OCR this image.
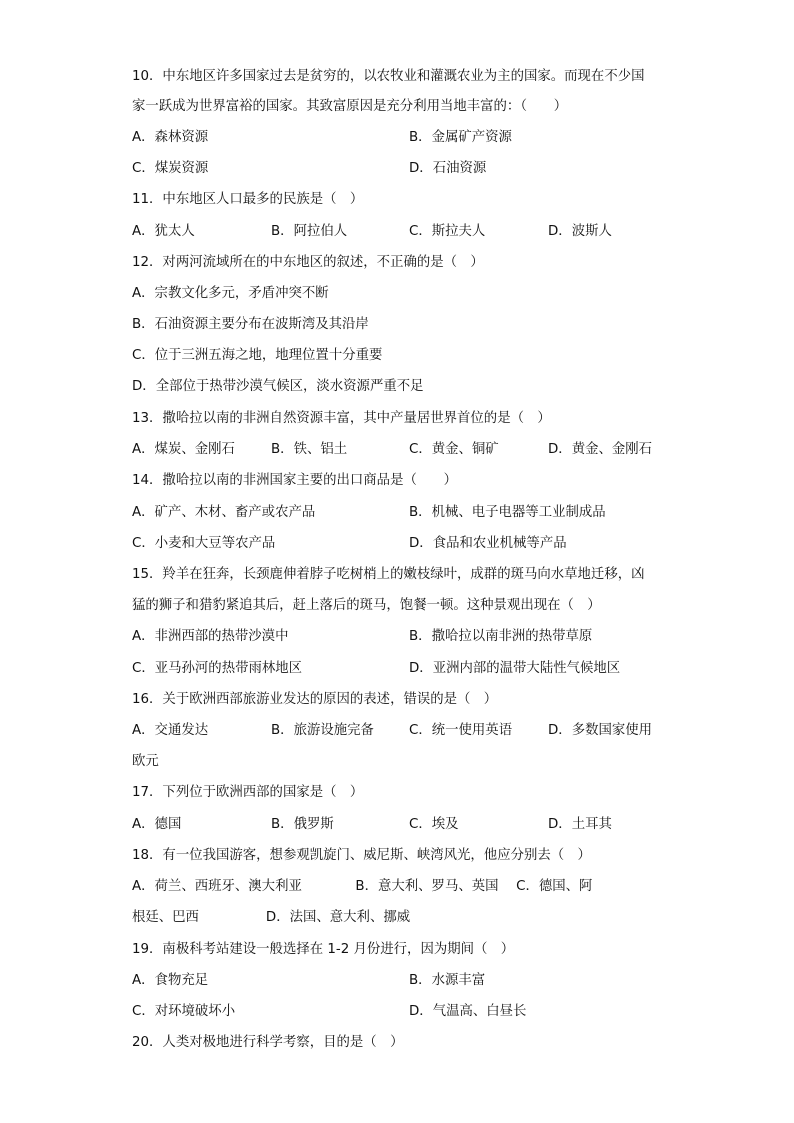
10．中东地区许多国家过去是贫穷的，以农牧业和灌溉农业为主的国家。而现在不少国
家一跃成为世界富裕的国家。其致富原因是充分利用当地丰富的：（　　）
A．森林资源	B．金属矿产资源
C．煤炭资源	D．石油资源
11．中东地区人口最多的民族是（　）
A．犹太人	B．阿拉伯人	C．斯拉夫人	D．波斯人
12．对两河流域所在的中东地区的叙述，不正确的是（　）
A．宗教文化多元，矛盾冲突不断
B．石油资源主要分布在波斯湾及其沿岸
C．位于三洲五海之地，地理位置十分重要
D．全部位于热带沙漠气候区，淡水资源严重不足
13．撒哈拉以南的非洲自然资源丰富，其中产量居世界首位的是（　）
A．煤炭、金刚石	B．铁、铝土	C．黄金、铜矿	D．黄金、金刚石
14．撒哈拉以南的非洲国家主要的出口商品是（　　）
A．矿产、木材、畜产或农产品	B．机械、电子电器等工业制成品
C．小麦和大豆等农产品	D．食品和农业机械等产品
15．羚羊在狂奔，长颈鹿伸着脖子吃树梢上的嫩枝绿叶，成群的斑马向水草地迁移，凶
猛的狮子和猎豹紧追其后，赶上落后的斑马，饱餐一顿。这种景观出现在（　）
A．非洲西部的热带沙漠中	B．撒哈拉以南非洲的热带草原
C．亚马孙河的热带雨林地区	D．亚洲内部的温带大陆性气候地区
16．关于欧洲西部旅游业发达的原因的表述，错误的是（　）
A．交通发达	B．旅游设施完备	C．统一使用英语	D．多数国家使用
欧元
17．下列位于欧洲西部的国家是（　）
A．德国	B．俄罗斯	C．埃及	D．土耳其
18．有一位我国游客，想参观凯旋门、威尼斯、峡湾风光，他应分别去（　）
A．荷兰、西班牙、澳大利亚　　　　B．意大利、罗马、英国　 C．德国、阿
根廷、巴西　　　　　D．法国、意大利、挪威
19．南极科考站建设一般选择在 1-2 月份进行，因为期间（　）
A．食物充足	B．水源丰富
C．对环境破坏小	D．气温高、白昼长
20．人类对极地进行科学考察，目的是（　）
